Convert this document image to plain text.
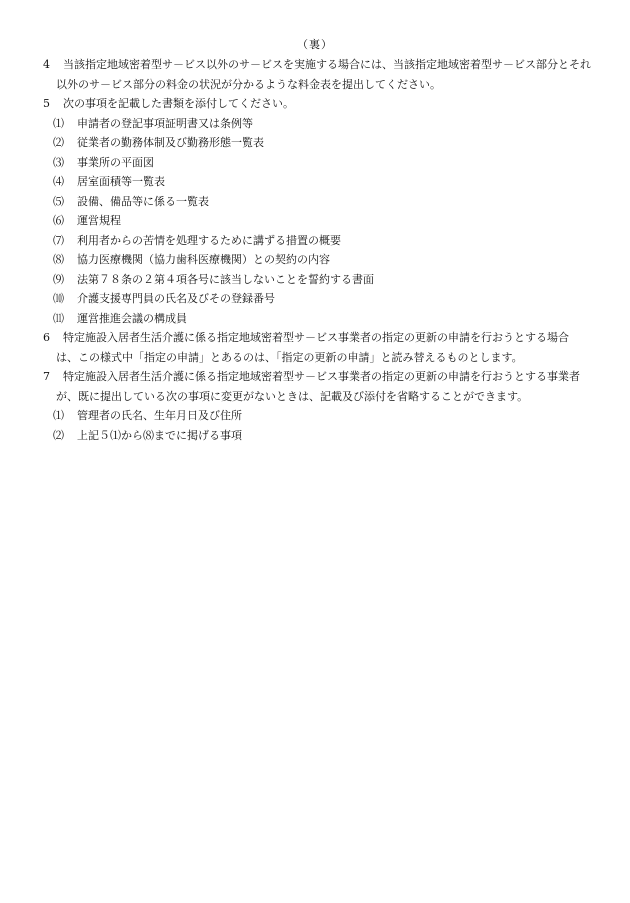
（裏）
4 当該指定地域密着型サ－ビス以外のサ－ビスを実施する場合には、当該指定地域密着型サ－ビス部分とそれ
以外のサ－ビス部分の料金の状況が分かるような料金表を提出してください。
5 次の事項を記載した書類を添付してください。
⑴ 申請者の登記事項証明書又は条例等
⑵ 従業者の勤務体制及び勤務形態一覧表
⑶ 事業所の平面図
⑷ 居室面積等一覧表
⑸ 設備、備品等に係る一覧表
⑹ 運営規程
⑺ 利用者からの苦情を処理するために講ずる措置の概要
⑻ 協力医療機関（協力歯科医療機関）との契約の内容
⑼ 法第７８条の２第４項各号に該当しないことを誓約する書面
⑽ 介護支援専門員の氏名及びその登録番号
⑾ 運営推進会議の構成員
6 特定施設入居者生活介護に係る指定地域密着型サ－ビス事業者の指定の更新の申請を行おうとする場合
は、この様式中「指定の申請」とあるのは、「指定の更新の申請」と読み替えるものとします。
7 特定施設入居者生活介護に係る指定地域密着型サ－ビス事業者の指定の更新の申請を行おうとする事業者
が、既に提出している次の事項に変更がないときは、記載及び添付を省略することができます。
⑴ 管理者の氏名、生年月日及び住所
⑵ 上記５⑴から⑻までに掲げる事項
